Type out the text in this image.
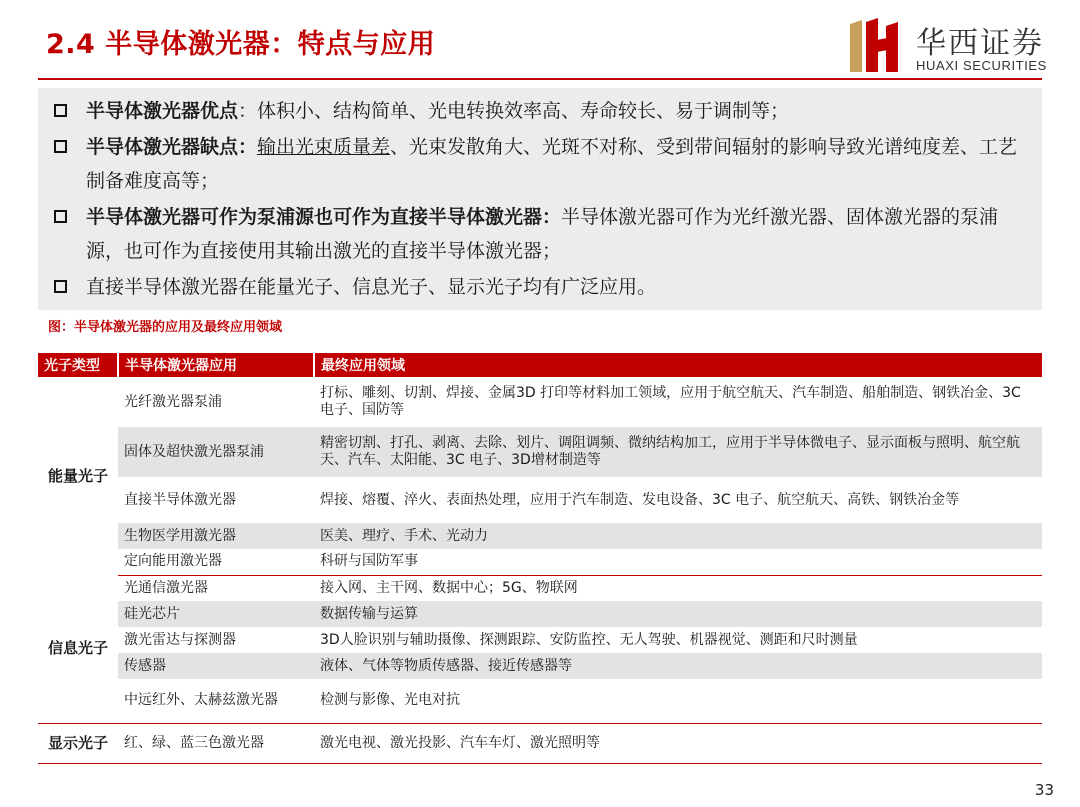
2.4 半导体激光器：特点与应用	华西证券
HUAXI SECURITIES
半导体激光器优点：体积小、结构简单、光电转换效率高、寿命较长、易于调制等；
半导体激光器缺点：输出光束质量差、光束发散角大、光斑不对称、受到带间辐射的影响导致光谱纯度差、工艺制备难度高等；
半导体激光器可作为泵浦源也可作为直接半导体激光器：半导体激光器可作为光纤激光器、固体激光器的泵浦源，也可作为直接使用其输出激光的直接半导体激光器；
直接半导体激光器在能量光子、信息光子、显示光子均有广泛应用。
图：半导体激光器的应用及最终应用领域
光子类型	半导体激光器应用	最终应用领域
能量光子	光纤激光器泵浦	打标、雕刻、切割、焊接、金属3D 打印等材料加工领域，应用于航空航天、汽车制造、船舶制造、钢铁冶金、3C 电子、国防等
	固体及超快激光器泵浦	精密切割、打孔、剥离、去除、划片、调阻调频、微纳结构加工，应用于半导体微电子、显示面板与照明、航空航天、汽车、太阳能、3C 电子、3D增材制造等
	直接半导体激光器	焊接、熔覆、淬火、表面热处理，应用于汽车制造、发电设备、3C 电子、航空航天、高铁、钢铁冶金等
	生物医学用激光器	医美、理疗、手术、光动力
	定向能用激光器	科研与国防军事
信息光子	光通信激光器	接入网、主干网、数据中心；5G、物联网
	硅光芯片	数据传输与运算
	激光雷达与探测器	3D人脸识别与辅助摄像、探测跟踪、安防监控、无人驾驶、机器视觉、测距和尺时测量
	传感器	液体、气体等物质传感器、接近传感器等
	中远红外、太赫兹激光器	检测与影像、光电对抗
显示光子	红、绿、蓝三色激光器	激光电视、激光投影、汽车车灯、激光照明等
33
